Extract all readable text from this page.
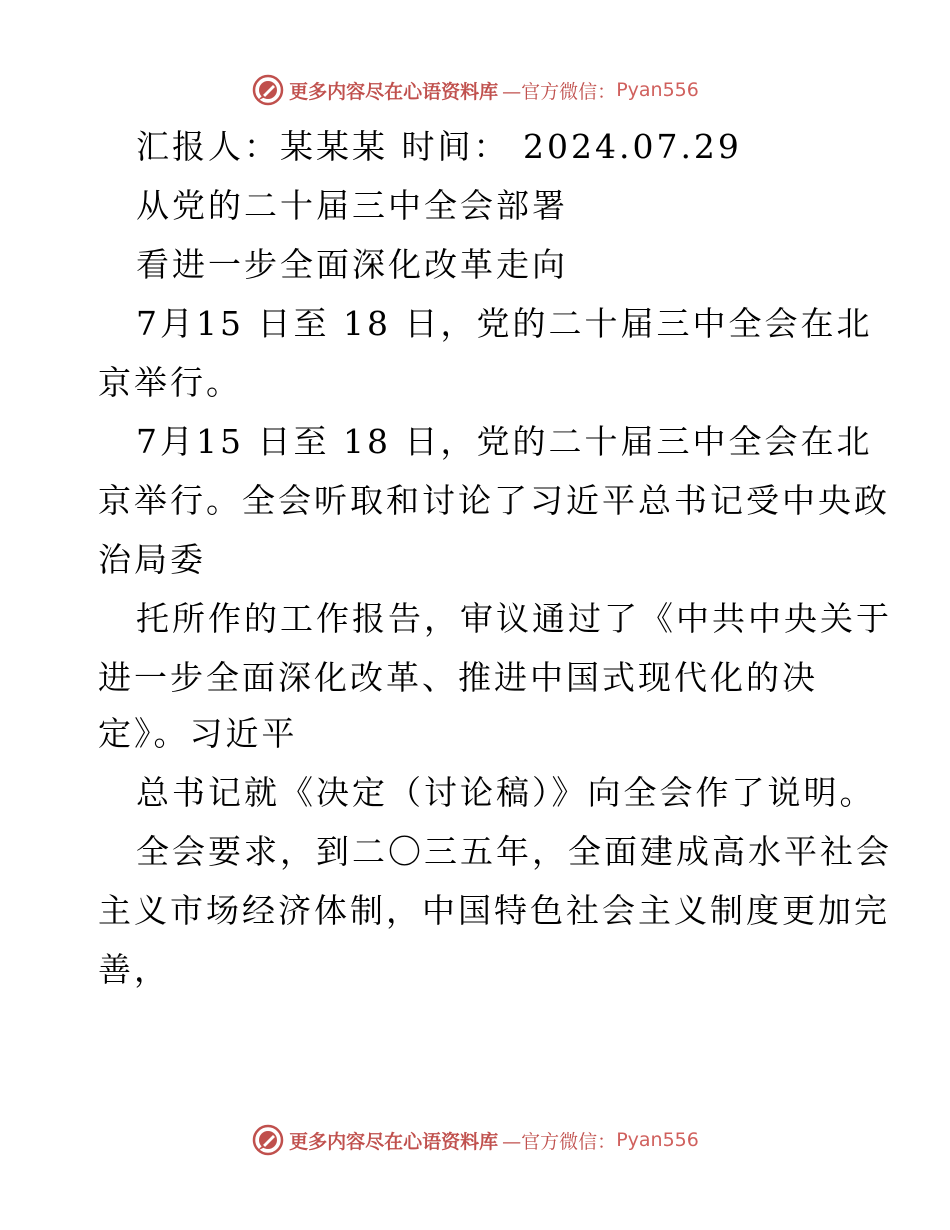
更多内容尽在心语资料库 —官方微信： Pyan556
汇报人：某某某 时间： 2024.07.29
从党的二十届三中全会部署
看进一步全面深化改革走向
7月15 日至 18 日，党的二十届三中全会在北
京举行。
7月15 日至 18 日，党的二十届三中全会在北
京举行。全会听取和讨论了习近平总书记受中央政
治局委
托所作的工作报告，审议通过了《中共中央关于
进一步全面深化改革、推进中国式现代化的决
定》。习近平
总书记就《决定（讨论稿）》向全会作了说明。
全会要求，到二〇三五年，全面建成高水平社会
主义市场经济体制，中国特色社会主义制度更加完
善，
更多内容尽在心语资料库 —官方微信： Pyan556
